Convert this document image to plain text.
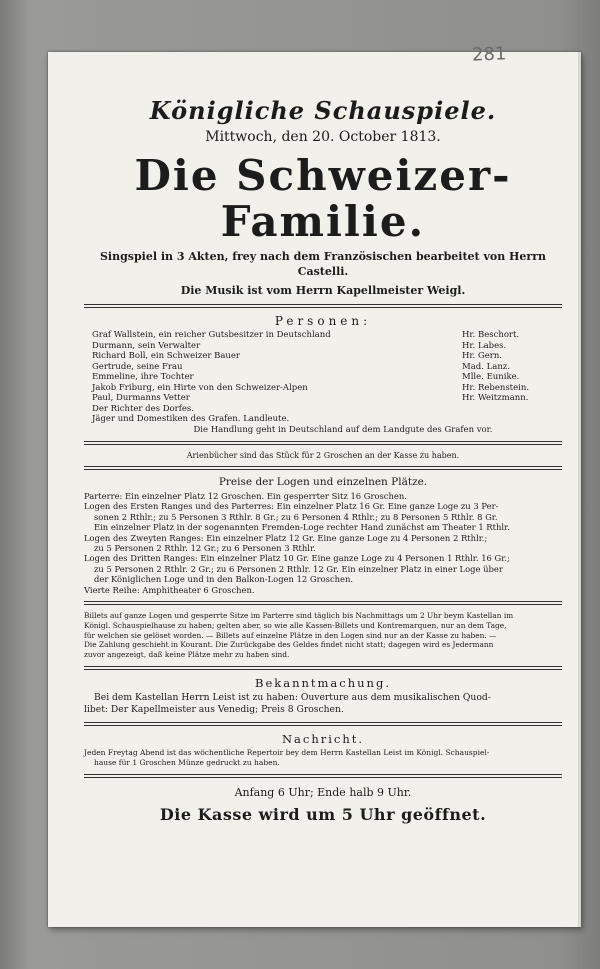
Königliche Schauspiele.
Mittwoch, den 20. October 1813.
Die Schweizer-Familie.
Singspiel in 3 Akten, frey nach dem Französischen bearbeitet von Herrn Castelli.
Die Musik ist vom Herrn Kapellmeister Weigl.
Personen:
Graf Wallstein, ein reicher Gutsbesitzer in Deutschland	Hr. Beschort.
Durmann, sein Verwalter	Hr. Labes.
Richard Boll, ein Schweizer Bauer	Hr. Gern.
Gertrude, seine Frau	Mad. Lanz.
Emmeline, ihre Tochter	Mlle. Eunike.
Jakob Friburg, ein Hirte von den Schweizer-Alpen	Hr. Rebenstein.
Paul, Durmanns Vetter	Hr. Weitzmann.
Der Richter des Dorfes.
Jäger und Domestiken des Grafen. Landleute.
Die Handlung geht in Deutschland auf dem Landgute des Grafen vor.
Arienbücher sind das Stück für 2 Groschen an der Kasse zu haben.
Preise der Logen und einzelnen Plätze.

Parterre: Ein einzelner Platz 12 Groschen. Ein gesperrter Sitz 16 Groschen.

Logen des Ersten Ranges und des Parterres: Ein einzelner Platz 16 Gr. Eine ganze Loge zu 3 Per-

sonen 2 Rthlr.; zu 5 Personen 3 Rthlr. 8 Gr.; zu 6 Personen 4 Rthlr.; zu 8 Personen 5 Rthlr. 8 Gr.

Ein einzelner Platz in der sogenannten Fremden-Loge rechter Hand zunächst am Theater 1 Rthlr.

Logen des Zweyten Ranges: Ein einzelner Platz 12 Gr. Eine ganze Loge zu 4 Personen 2 Rthlr.;

zu 5 Personen 2 Rthlr. 12 Gr.; zu 6 Personen 3 Rthlr.

Logen des Dritten Ranges: Ein einzelner Platz 10 Gr. Eine ganze Loge zu 4 Personen 1 Rthlr. 16 Gr.;

zu 5 Personen 2 Rthlr. 2 Gr.; zu 6 Personen 2 Rthlr. 12 Gr. Ein einzelner Platz in einer Loge über

der Königlichen Loge und in den Balkon-Logen 12 Groschen.

Vierte Reihe: Amphitheater 6 Groschen.

Billets auf ganze Logen und gesperrte Sitze im Parterre sind täglich bis Nachmittags um 2 Uhr beym Kastellan im
Königl. Schauspielhause zu haben; gelten aber, so wie alle Kassen-Billets und Kontremarquen, nur an dem Tage,
für welchen sie gelöset worden. — Billets auf einzelne Plätze in den Logen sind nur an der Kasse zu haben. —
Die Zahlung geschieht in Kourant. Die Zurückgabe des Geldes findet nicht statt; dagegen wird es Jedermann
zuvor angezeigt, daß keine Plätze mehr zu haben sind.
Bekanntmachung.
Bei dem Kastellan Herrn Leist ist zu haben: Ouverture aus dem musikalischen Quod-
libet: Der Kapellmeister aus Venedig; Preis 8 Groschen.
Nachricht.
Jeden Freytag Abend ist das wöchentliche Repertoir bey dem Herrn Kastellan Leist im Königl. Schauspiel-
hause für 1 Groschen Münze gedruckt zu haben.
Anfang 6 Uhr; Ende halb 9 Uhr.
Die Kasse wird um 5 Uhr geöffnet.
281
